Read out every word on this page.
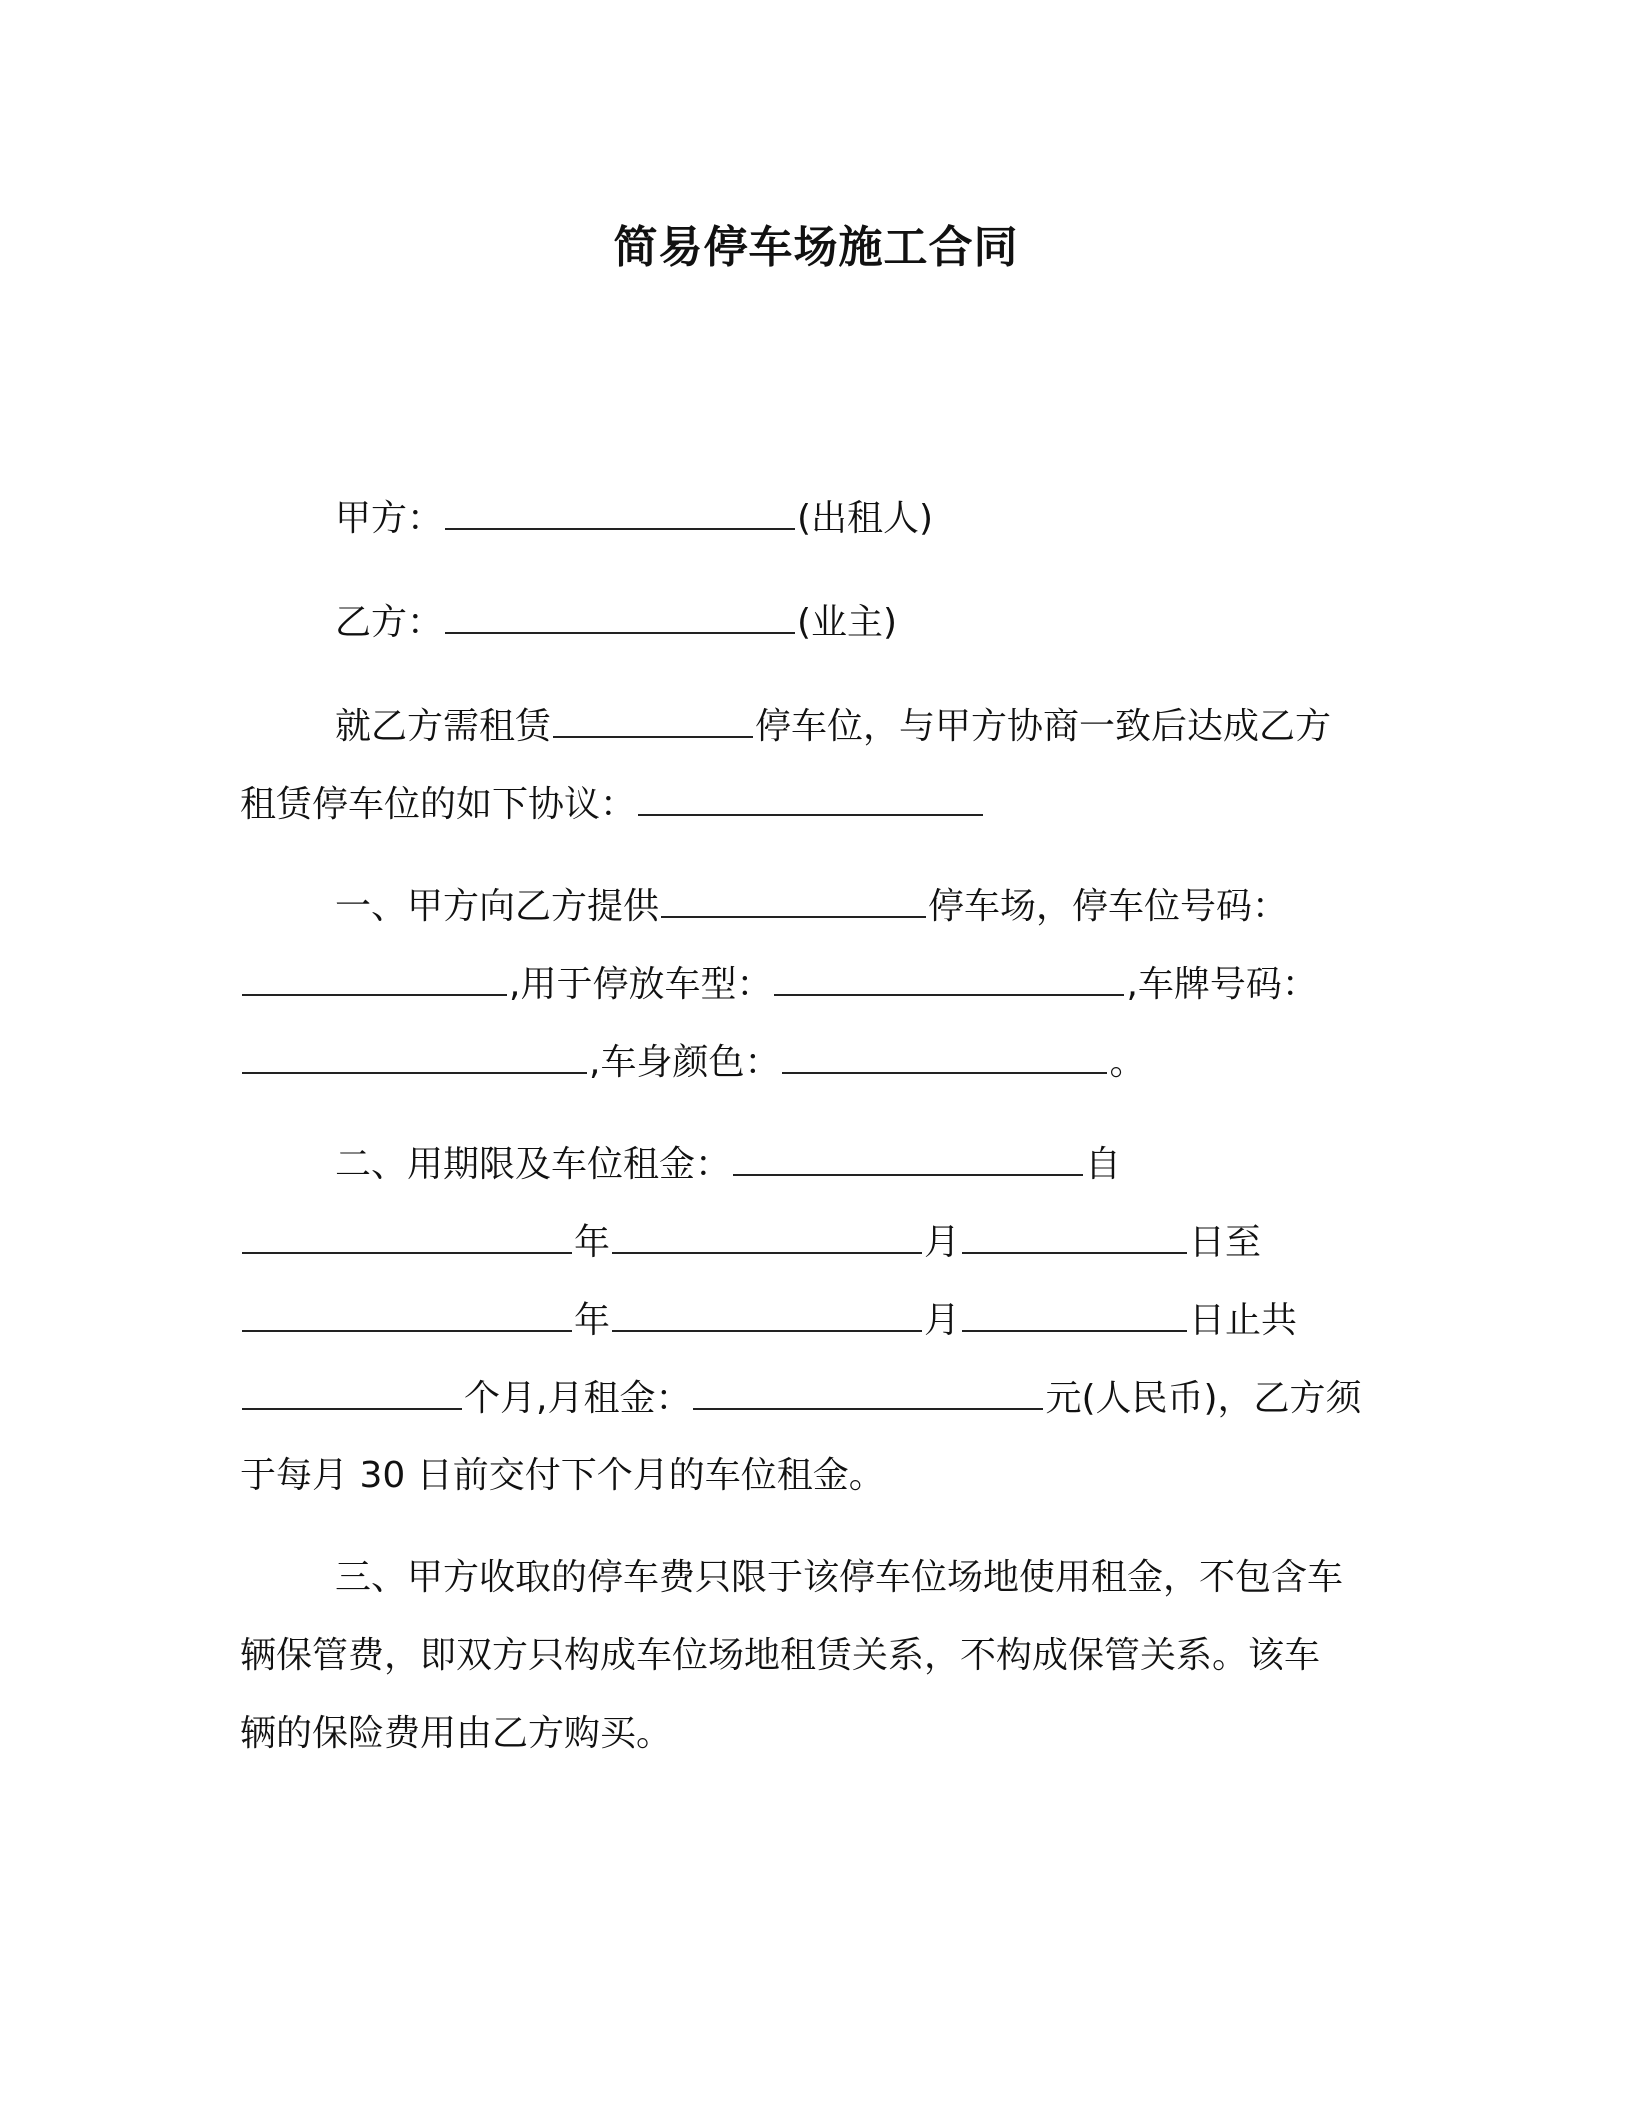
简易停车场施工合同
甲方：	(出租人)
乙方：	(业主)
就乙方需租赁	停车位，与甲方协商一致后达成乙方
租赁停车位的如下协议：
一、甲方向乙方提供	停车场，停车位号码：
,用于停放车型：	,车牌号码：
,车身颜色：	。
二、用期限及车位租金：	自
年	月	日至
年	月	日止共
个月,月租金：	元(人民币)，乙方须
于每月 30 日前交付下个月的车位租金。
三、甲方收取的停车费只限于该停车位场地使用租金，不包含车
辆保管费，即双方只构成车位场地租赁关系，不构成保管关系。该车
辆的保险费用由乙方购买。
